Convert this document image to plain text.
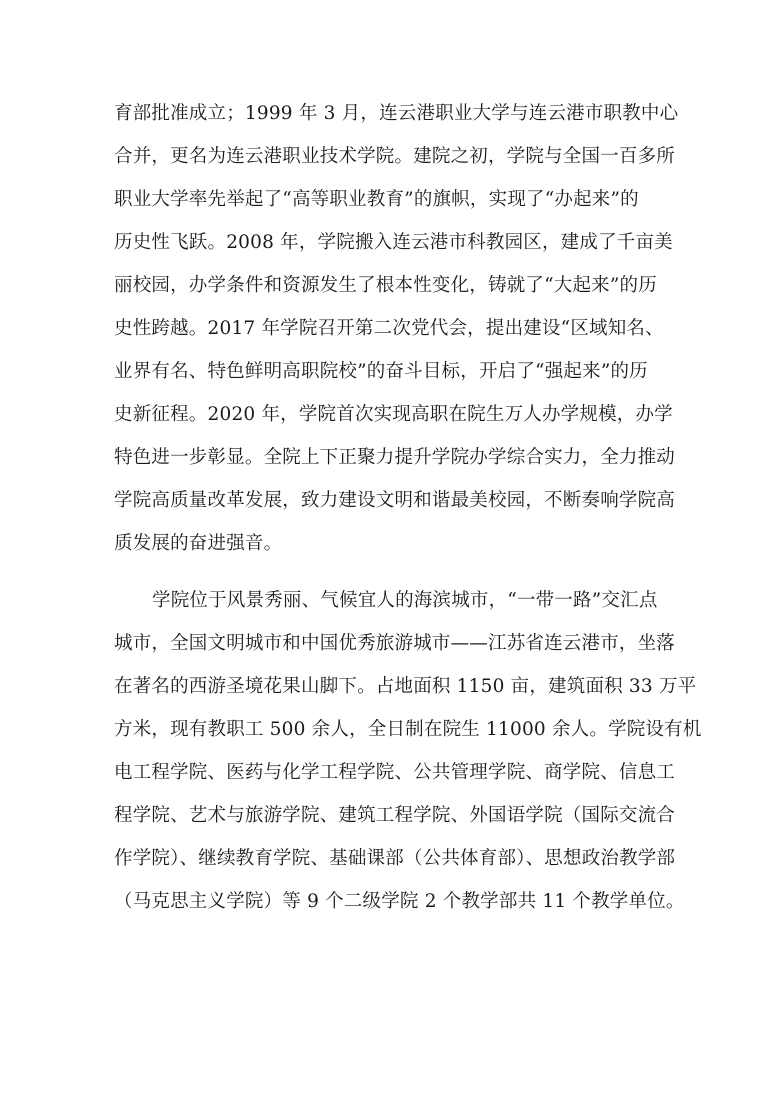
育部批准成立；1999 年 3 月，连云港职业大学与连云港市职教中心
合并，更名为连云港职业技术学院。建院之初，学院与全国一百多所
职业大学率先举起了“高等职业教育”的旗帜，实现了“办起来”的
历史性飞跃。2008 年，学院搬入连云港市科教园区，建成了千亩美
丽校园，办学条件和资源发生了根本性变化，铸就了“大起来”的历
史性跨越。2017 年学院召开第二次党代会，提出建设“区域知名、
业界有名、特色鲜明高职院校”的奋斗目标，开启了“强起来”的历
史新征程。2020 年，学院首次实现高职在院生万人办学规模，办学
特色进一步彰显。全院上下正聚力提升学院办学综合实力，全力推动
学院高质量改革发展，致力建设文明和谐最美校园，不断奏响学院高
质发展的奋进强音。
学院位于风景秀丽、气候宜人的海滨城市，“一带一路”交汇点
城市，全国文明城市和中国优秀旅游城市——江苏省连云港市，坐落
在著名的西游圣境花果山脚下。占地面积 1150 亩，建筑面积 33 万平
方米，现有教职工 500 余人，全日制在院生 11000 余人。学院设有机
电工程学院、医药与化学工程学院、公共管理学院、商学院、信息工
程学院、艺术与旅游学院、建筑工程学院、外国语学院（国际交流合
作学院）、继续教育学院、基础课部（公共体育部）、思想政治教学部
（马克思主义学院）等 9 个二级学院 2 个教学部共 11 个教学单位。
